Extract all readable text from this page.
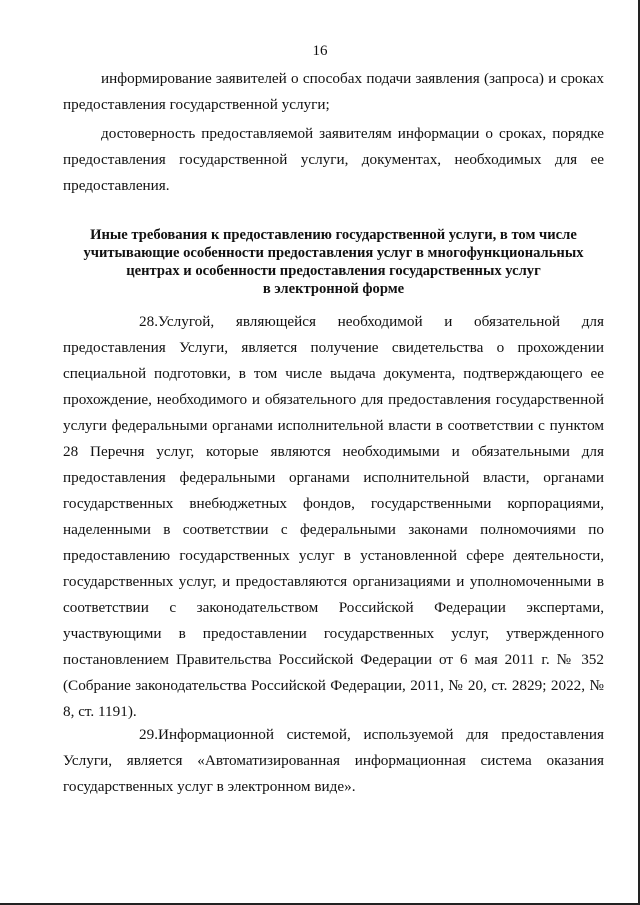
16

информирование заявителей о способах подачи заявления (запроса) и сроках предоставления государственной услуги;

достоверность предоставляемой заявителям информации о сроках, порядке предоставления государственной услуги, документах, необходимых для ее предоставления.

Иные требования к предоставлению государственной услуги, в том числе
учитывающие особенности предоставления услуг в многофункциональных
центрах и особенности предоставления государственных услуг
в электронной форме

28.Услугой, являющейся необходимой и обязательной для предоставления Услуги, является получение свидетельства о прохождении специальной подготовки, в том числе выдача документа, подтверждающего ее прохождение, необходимого и обязательного для предоставления государственной услуги федеральными органами исполнительной власти в соответствии с пунктом 28 Перечня услуг, которые являются необходимыми и обязательными для предоставления федеральными органами исполнительной власти, органами государственных внебюджетных фондов, государственными корпорациями, наделенными в соответствии с федеральными законами полномочиями по предоставлению государственных услуг в установленной сфере деятельности, государственных услуг, и предоставляются организациями и уполномоченными в соответствии с законодательством Российской Федерации экспертами, участвующими в предоставлении государственных услуг, утвержденного постановлением Правительства Российской Федерации от 6 мая 2011 г. № 352 (Собрание законодательства Российской Федерации, 2011, № 20, ст. 2829; 2022, № 8, ст. 1191).

29.Информационной системой, используемой для предоставления Услуги, является «Автоматизированная информационная система оказания государственных услуг в электронном виде».
